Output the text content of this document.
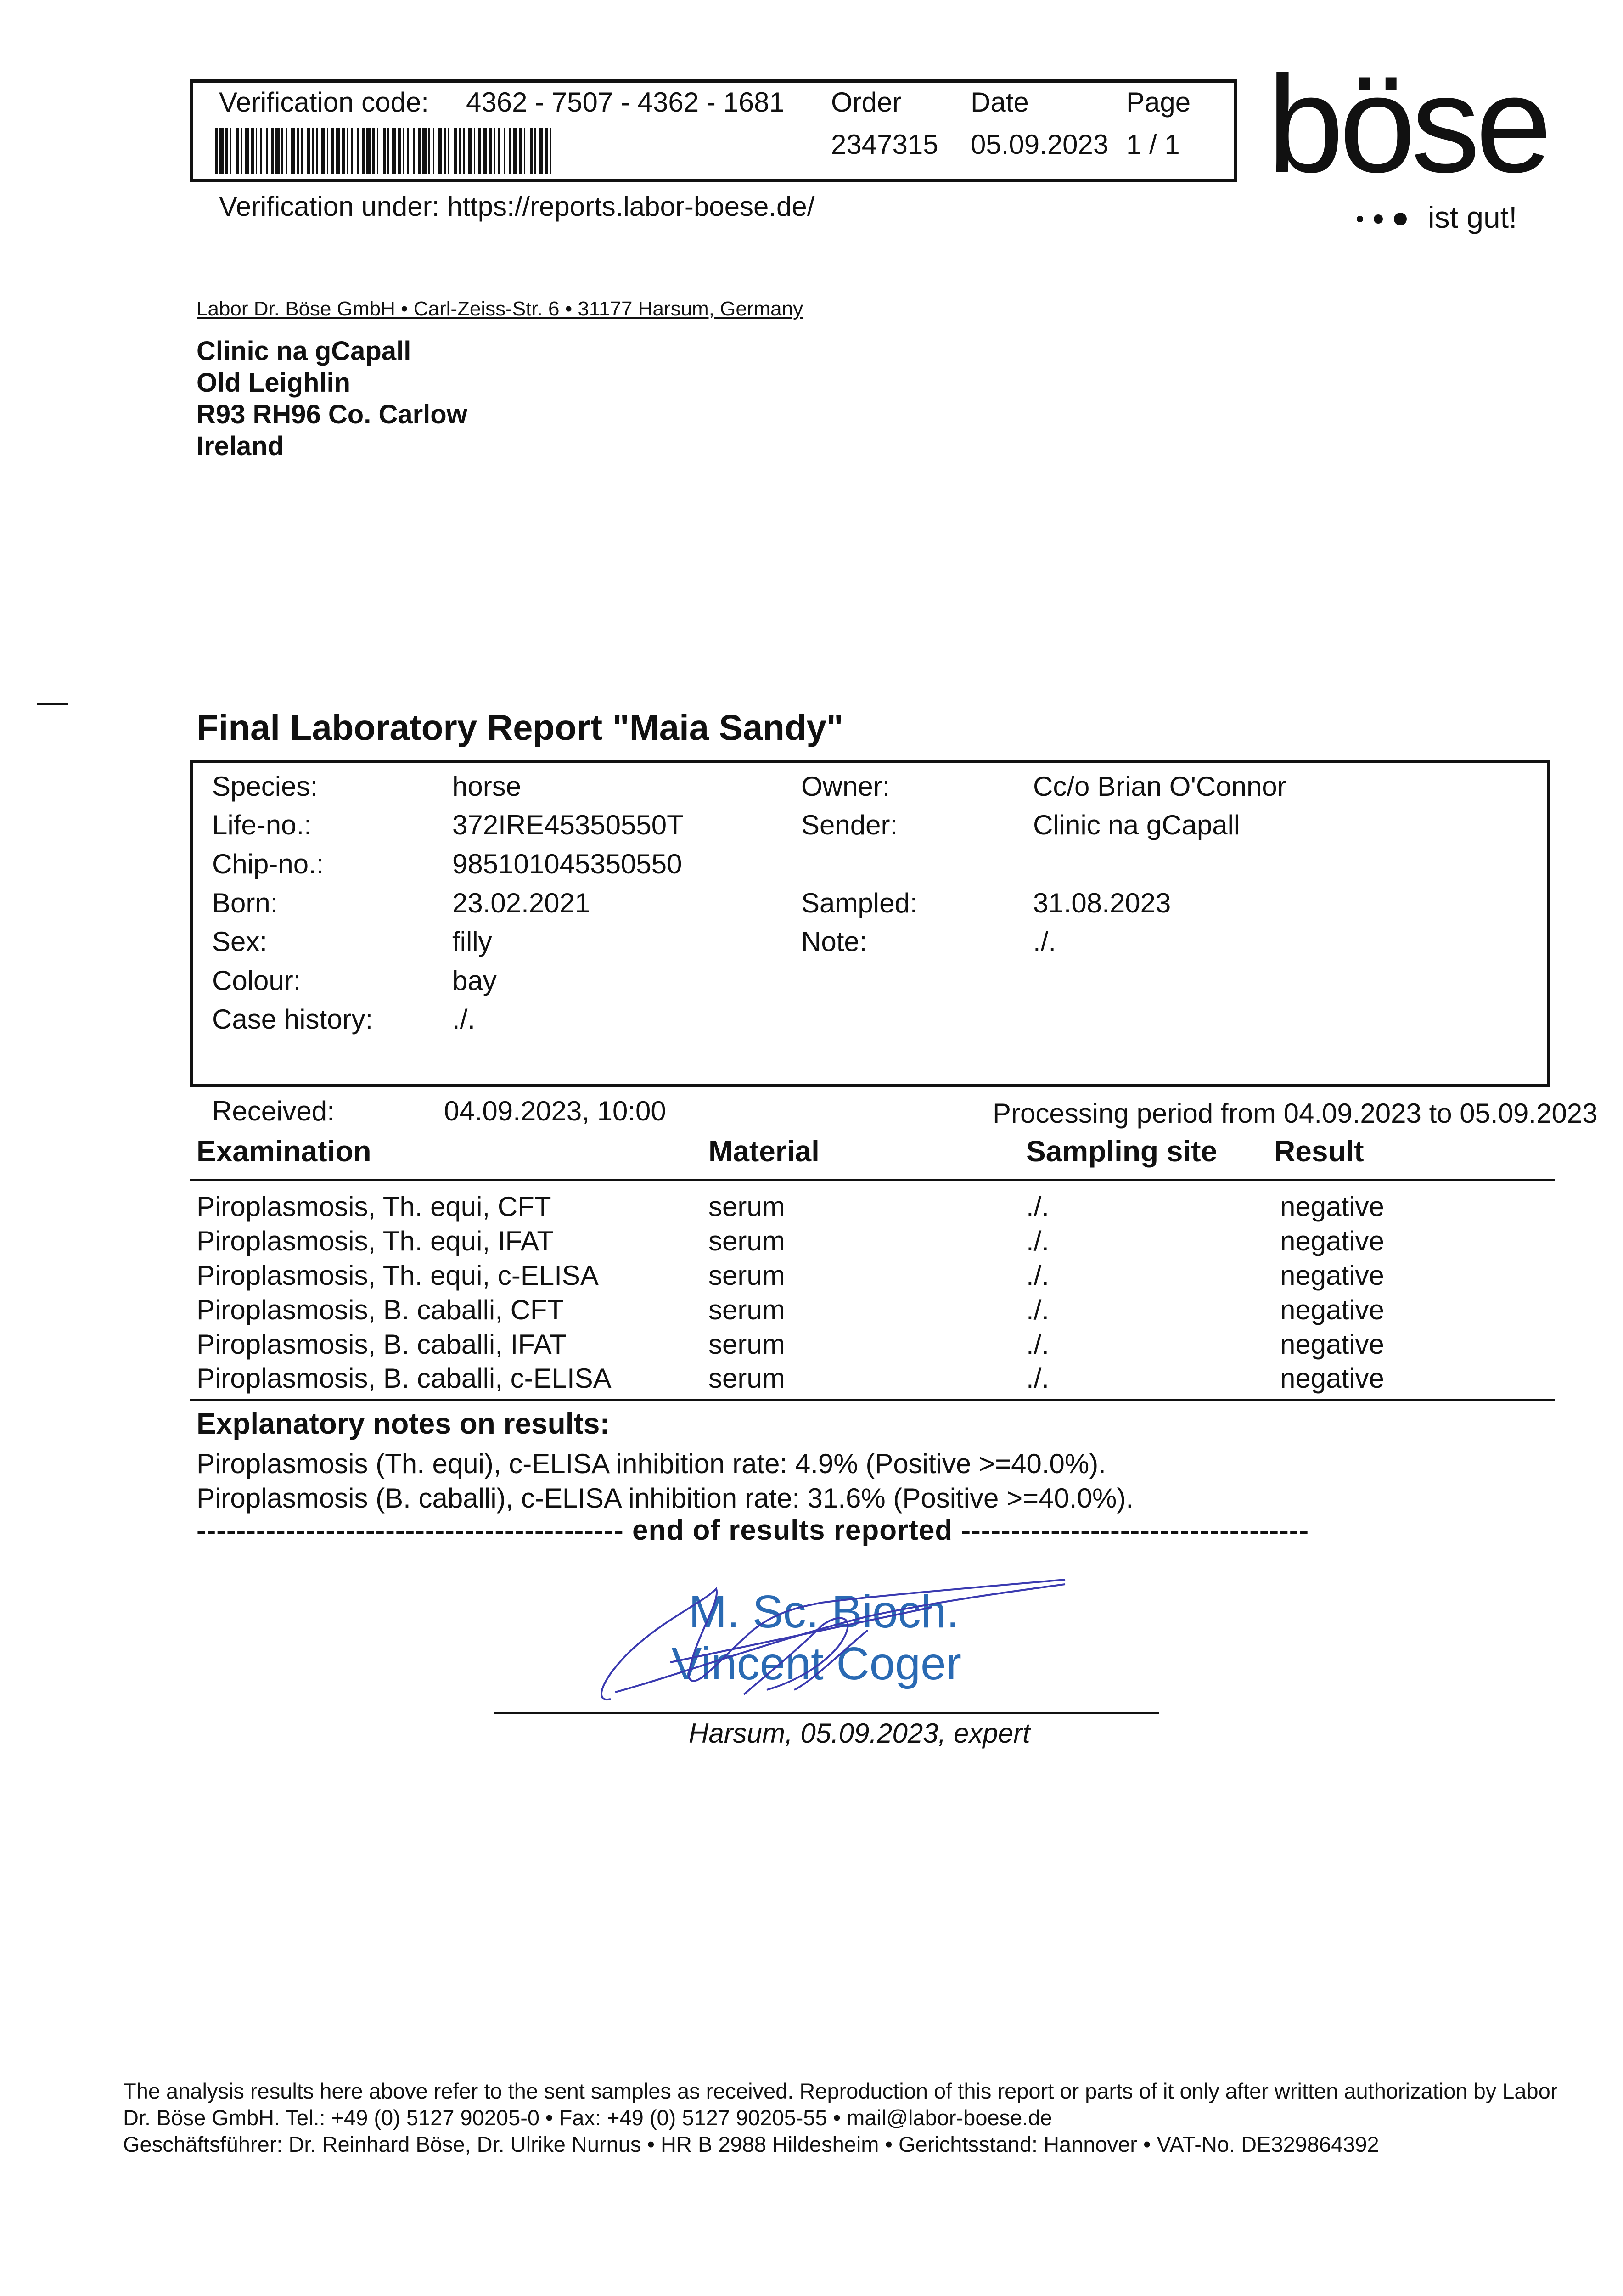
Verification code: 4362 - 7507 - 4362 - 1681 Order
2347315
Date
05.09.2023
Page
1 / 1
Verification under: https://reports.labor-boese.de/
böse
ist gut!
Labor Dr. Böse GmbH • Carl-Zeiss-Str. 6 • 31177 Harsum, Germany
Clinic na gCapall
Old Leighlin
R93 RH96 Co. Carlow
Ireland
Final Laboratory Report "Maia Sandy"
Species:	horse
Life-no.:	372IRE45350550T
Chip-no.:	985101045350550
Born:	23.02.2021
Sex:	filly
Colour:	bay
Case history:	./.
Owner:	Cc/o Brian O'Connor
Sender:	Clinic na gCapall
Sampled:	31.08.2023
Note:	./.
Received:	04.09.2023, 10:00	Processing period from 04.09.2023 to 05.09.2023
Examination	Material	Sampling site Result
Piroplasmosis, Th. equi, CFT	serum	./.	negative
Piroplasmosis, Th. equi, IFAT	serum	./.	negative
Piroplasmosis, Th. equi, c-ELISA	serum	./.	negative
Piroplasmosis, B. caballi, CFT	serum	./.	negative
Piroplasmosis, B. caballi, IFAT	serum	./.	negative
Piroplasmosis, B. caballi, c-ELISA	serum	./.	negative
Explanatory notes on results:
Piroplasmosis (Th. equi), c-ELISA inhibition rate: 4.9% (Positive >=40.0%).
Piroplasmosis (B. caballi), c-ELISA inhibition rate: 31.6% (Positive >=40.0%).
------------------------------------------- end of results reported -----------------------------------
M. Sc. Bioch.
Vincent Coger
Harsum, 05.09.2023, expert
The analysis results here above refer to the sent samples as received. Reproduction of this report or parts of it only after written authorization by Labor
Dr. Böse GmbH. Tel.: +49 (0) 5127 90205-0 • Fax: +49 (0) 5127 90205-55 • mail@labor-boese.de
Geschäftsführer: Dr. Reinhard Böse, Dr. Ulrike Nurnus • HR B 2988 Hildesheim • Gerichtsstand: Hannover • VAT-No. DE329864392
